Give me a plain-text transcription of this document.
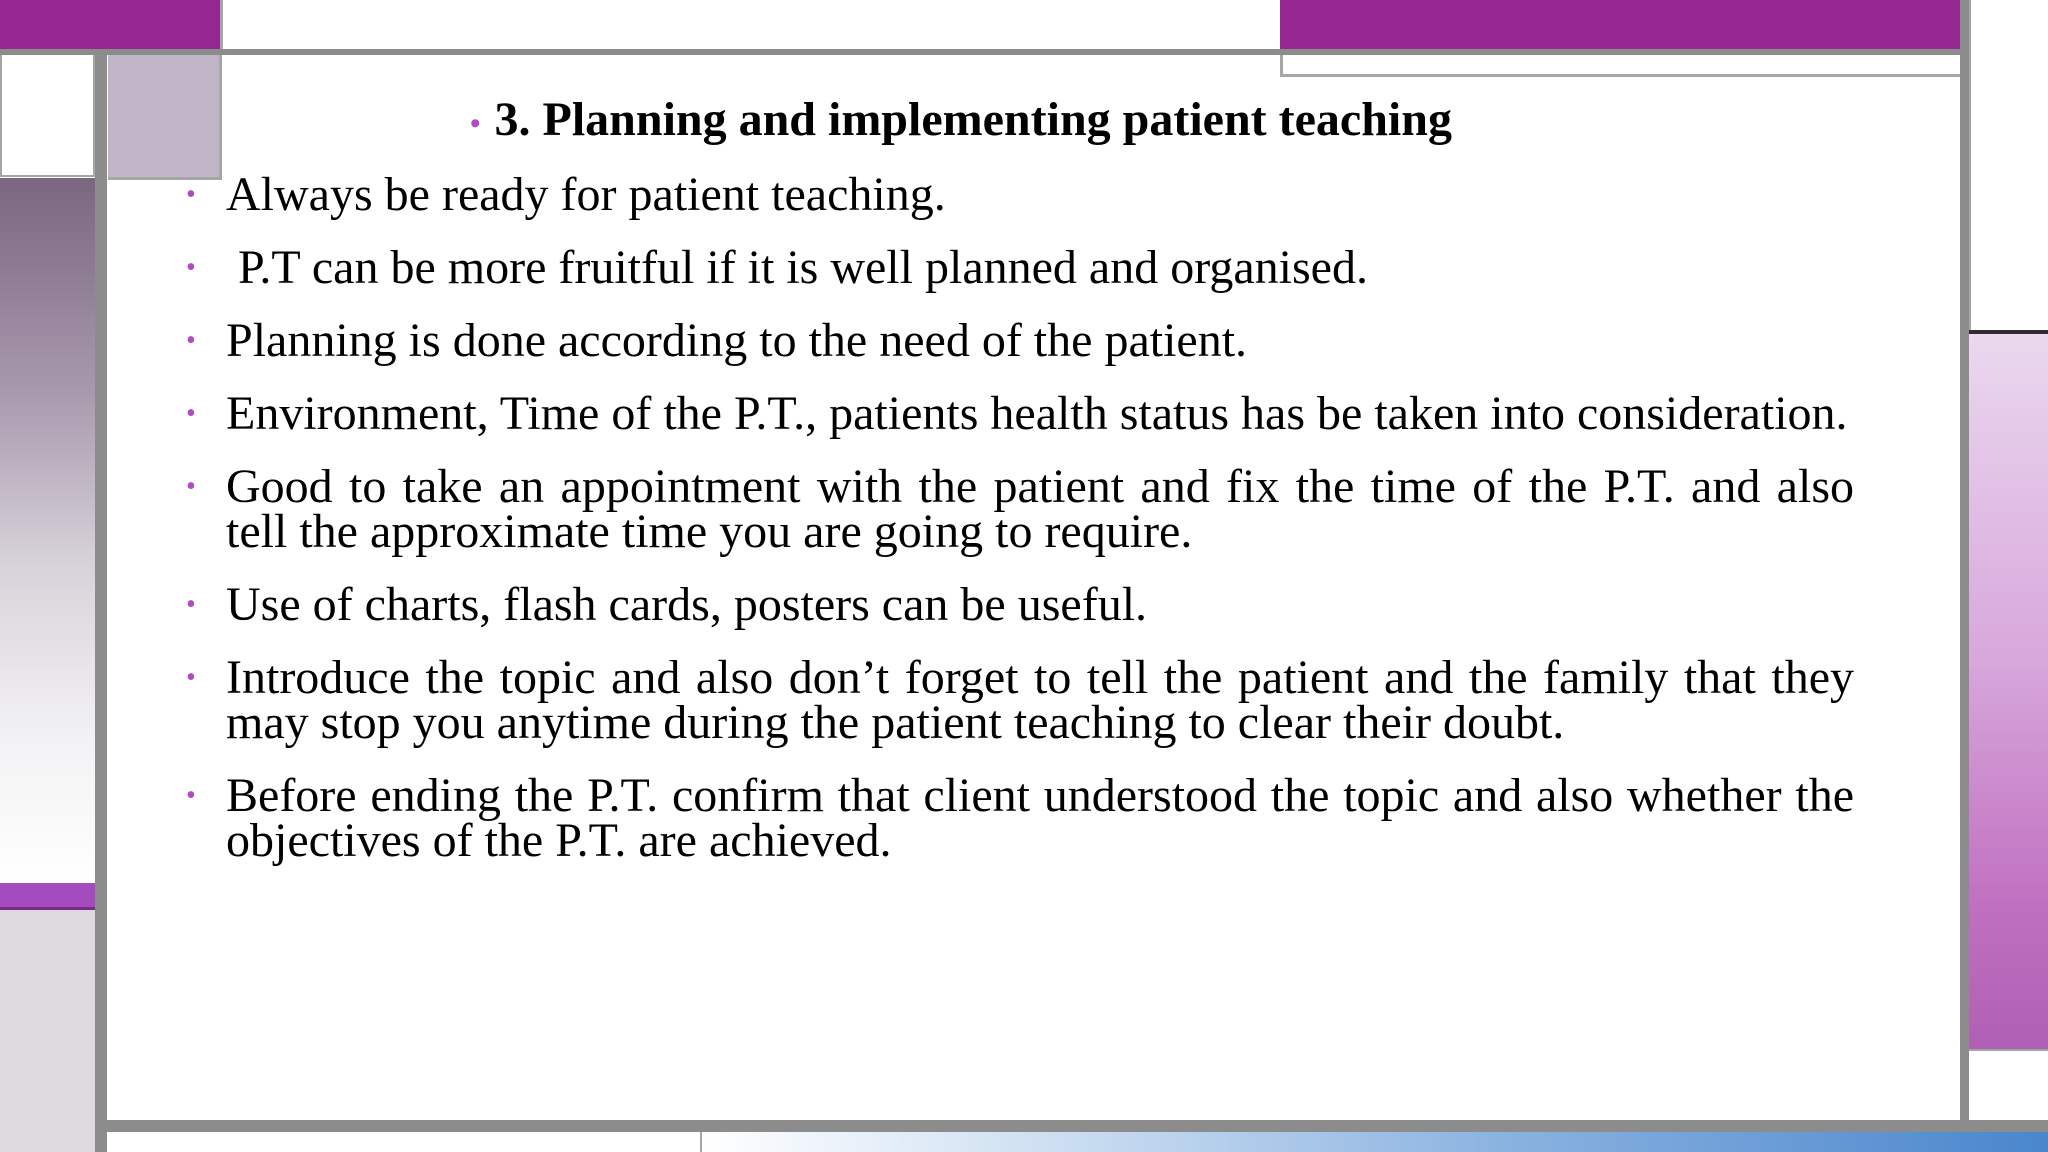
• 3. Planning and implementing patient teaching
• Always be ready for patient teaching.
• P.T can be more fruitful if it is well planned and organised.
• Planning is done according to the need of the patient.
• Environment, Time of the P.T., patients health status has be taken into consideration.
• Good to take an appointment with the patient and fix the time of the P.T. and also tell the approximate time you are going to require.
• Use of charts, flash cards, posters can be useful.
• Introduce the topic and also don’t forget to tell the patient and the family that they may stop you anytime during the patient teaching to clear their doubt.
• Before ending the P.T. confirm that client understood the topic and also whether the objectives of the P.T. are achieved.
